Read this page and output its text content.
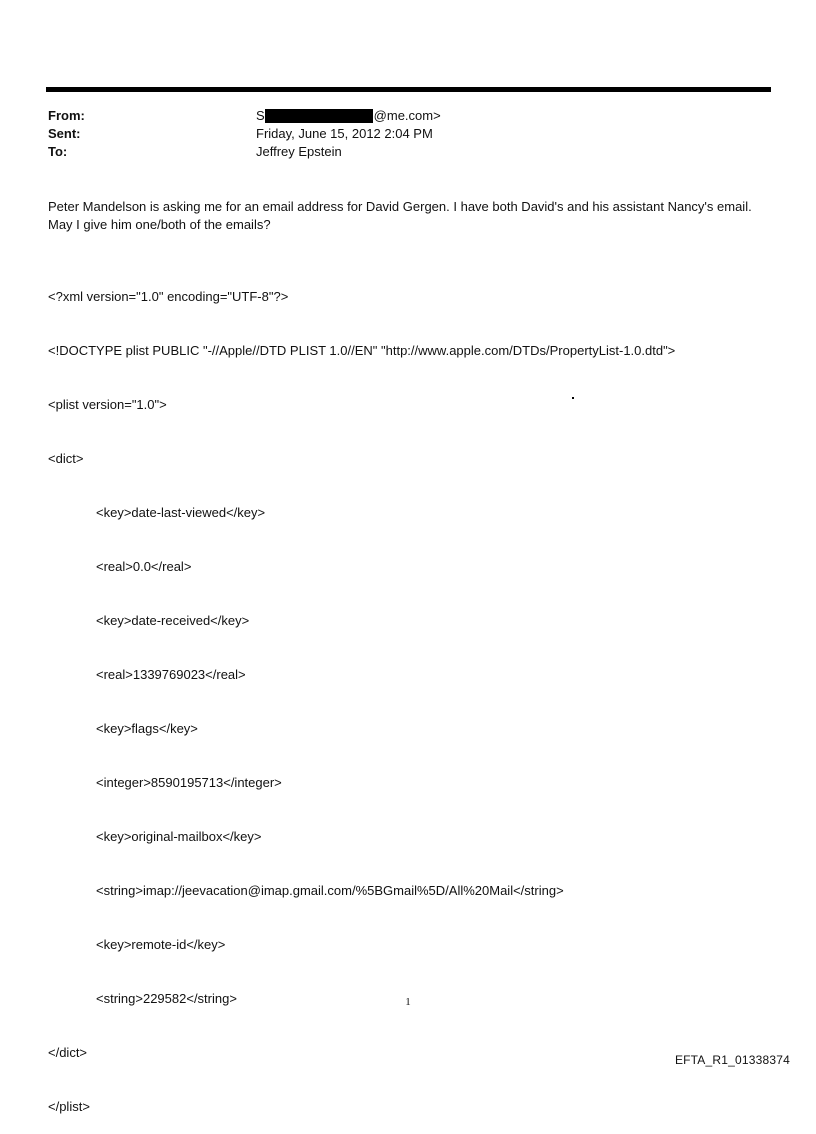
From:	S	@me.com>
Sent:	Friday, June 15, 2012 2:04 PM
To:	Jeffrey Epstein

Peter Mandelson is asking me for an email address for David Gergen. I have both David's and his assistant Nancy's email. May I give him one/both of the emails?

<?xml version="1.0" encoding="UTF-8"?>

<!DOCTYPE plist PUBLIC "-//Apple//DTD PLIST 1.0//EN" "http://www.apple.com/DTDs/PropertyList-1.0.dtd">

<plist version="1.0">

<dict>

<key>date-last-viewed</key>

<real>0.0</real>

<key>date-received</key>

<real>1339769023</real>

<key>flags</key>

<integer>8590195713</integer>

<key>original-mailbox</key>

<string>imap://jeevacation@imap.gmail.com/%5BGmail%5D/All%20Mail</string>

<key>remote-id</key>

<string>229582</string>

</dict>

</plist>

1
EFTA_R1_01338374
